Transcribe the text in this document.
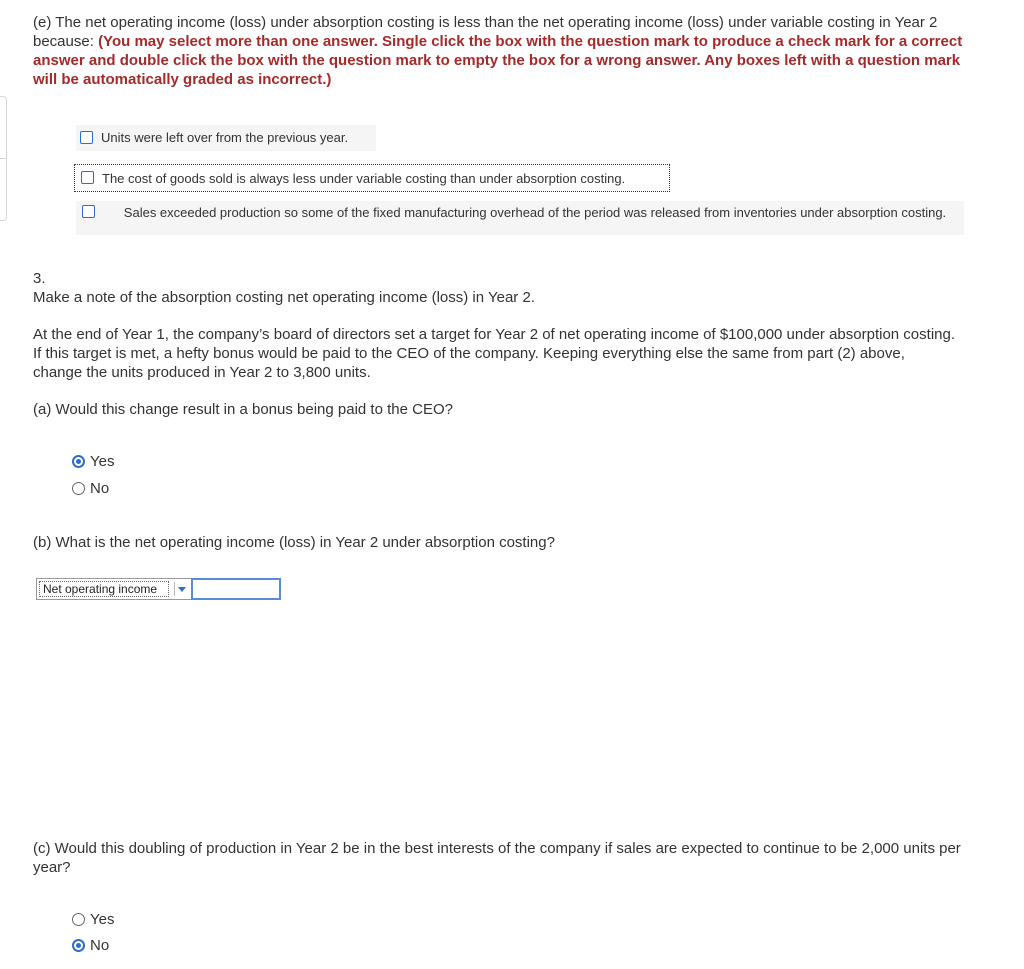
(e) The net operating income (loss) under absorption costing is less than the net operating income (loss) under variable costing in Year 2 because: (You may select more than one answer. Single click the box with the question mark to produce a check mark for a correct answer and double click the box with the question mark to empty the box for a wrong answer. Any boxes left with a question mark will be automatically graded as incorrect.)
Units were left over from the previous year.
The cost of goods sold is always less under variable costing than under absorption costing.
Sales exceeded production so some of the fixed manufacturing overhead of the period was released from inventories under absorption costing.
3.
Make a note of the absorption costing net operating income (loss) in Year 2.
At the end of Year 1, the company’s board of directors set a target for Year 2 of net operating income of $100,000 under absorption costing. If this target is met, a hefty bonus would be paid to the CEO of the company. Keeping everything else the same from part (2) above, change the units produced in Year 2 to 3,800 units.
(a) Would this change result in a bonus being paid to the CEO?
Yes
No
(b) What is the net operating income (loss) in Year 2 under absorption costing?
Net operating income
(c) Would this doubling of production in Year 2 be in the best interests of the company if sales are expected to continue to be 2,000 units per year?
Yes
No
